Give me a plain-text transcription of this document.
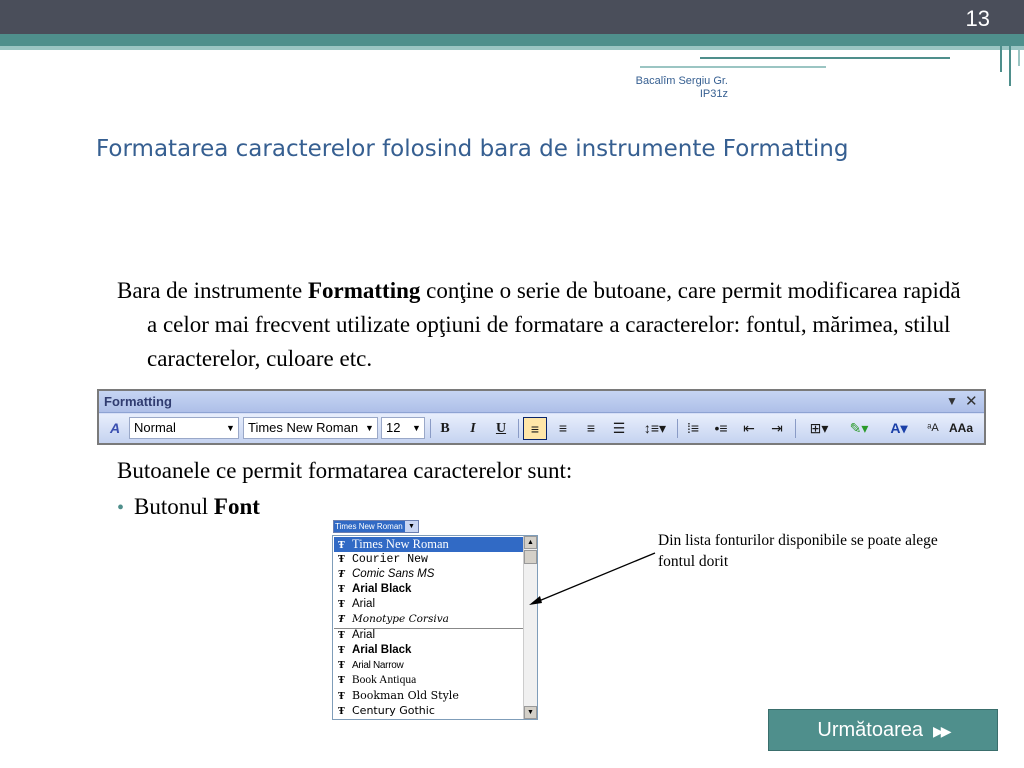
13
Bacalîm Sergiu Gr.
IP31z
Formatarea caracterelor folosind bara de instrumente Formatting
Bara de instrumente Formatting conţine o serie de butoane, care permit modificarea rapidă a celor mai frecvent utilizate opţiuni de formatare a caracterelor: fontul, mărimea, stilul caracterelor, culoare etc.
Formatting	▼ ✕
A	Normal	▼	Times New Roman ▼ 12	▼	B	I	U	≡	≡	≡	☰	↕≡▾	⁞≡	•≡	⇤	⇥	⊞▾	✎▾	A▾	ᵃA AAa
Butoanele ce permit formatarea caracterelor sunt:
• Butonul Font
Times New Roman ▼
Ŧ Times New Roman
Ŧ Courier New
Ŧ Comic Sans MS
Ŧ Arial Black
Ŧ Arial
Ŧ Monotype Corsiva
Ŧ Arial
Ŧ Arial Black
Ŧ Arial Narrow
Ŧ Book Antiqua
Ŧ Bookman Old Style
Ŧ Century Gothic
▲
▼
Din lista fonturilor disponibile se poate alege fontul dorit
Următoarea ▶▶
